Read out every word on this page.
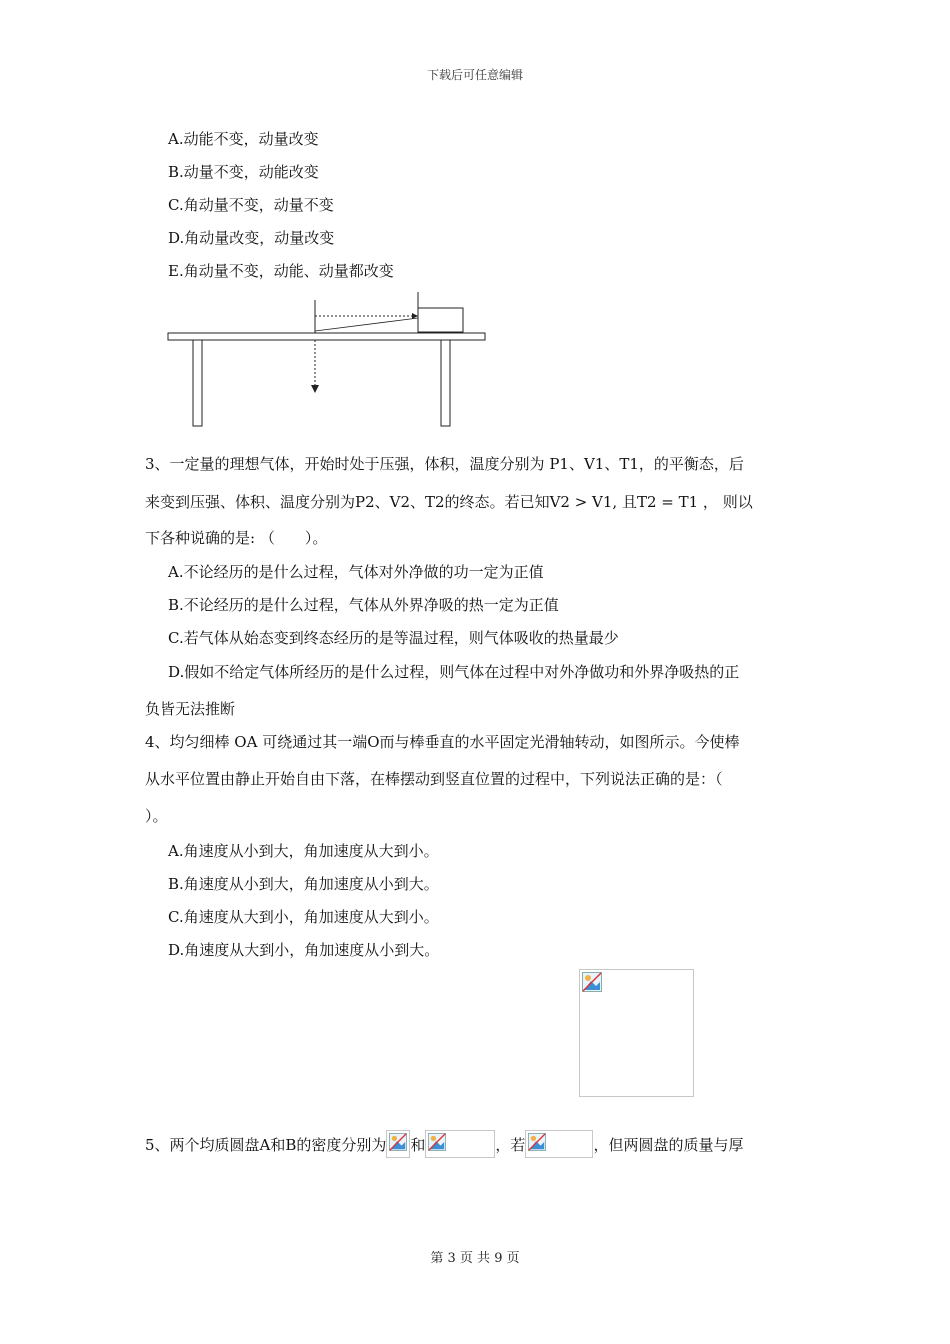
下载后可任意编辑
A.动能不变，动量改变
B.动量不变，动能改变
C.角动量不变，动量不变
D.角动量改变，动量改变
E.角动量不变，动能、动量都改变
3、一定量的理想气体，开始时处于压强，体积，温度分别为 P1、V1、T1，的平衡态，后
来变到压强、体积、温度分别为P2、V2、T2的终态。若已知V2 > V1, 且T2 = T1 ， 则以
下各种说确的是: （　　）。
A.不论经历的是什么过程，气体对外净做的功一定为正值
B.不论经历的是什么过程，气体从外界净吸的热一定为正值
C.若气体从始态变到终态经历的是等温过程，则气体吸收的热量最少
D.假如不给定气体所经历的是什么过程，则气体在过程中对外净做功和外界净吸热的正
负皆无法推断
4、均匀细棒 OA 可绕通过其一端O而与棒垂直的水平固定光滑轴转动，如图所示。今使棒
从水平位置由静止开始自由下落，在棒摆动到竖直位置的过程中，下列说法正确的是：（
）。
A.角速度从小到大，角加速度从大到小。
B.角速度从小到大，角加速度从小到大。
C.角速度从大到小，角加速度从大到小。
D.角速度从大到小，角加速度从小到大。
5、两个均质圆盘A和B的密度分别为 和	，若	，但两圆盘的质量与厚
第 3 页 共 9 页
